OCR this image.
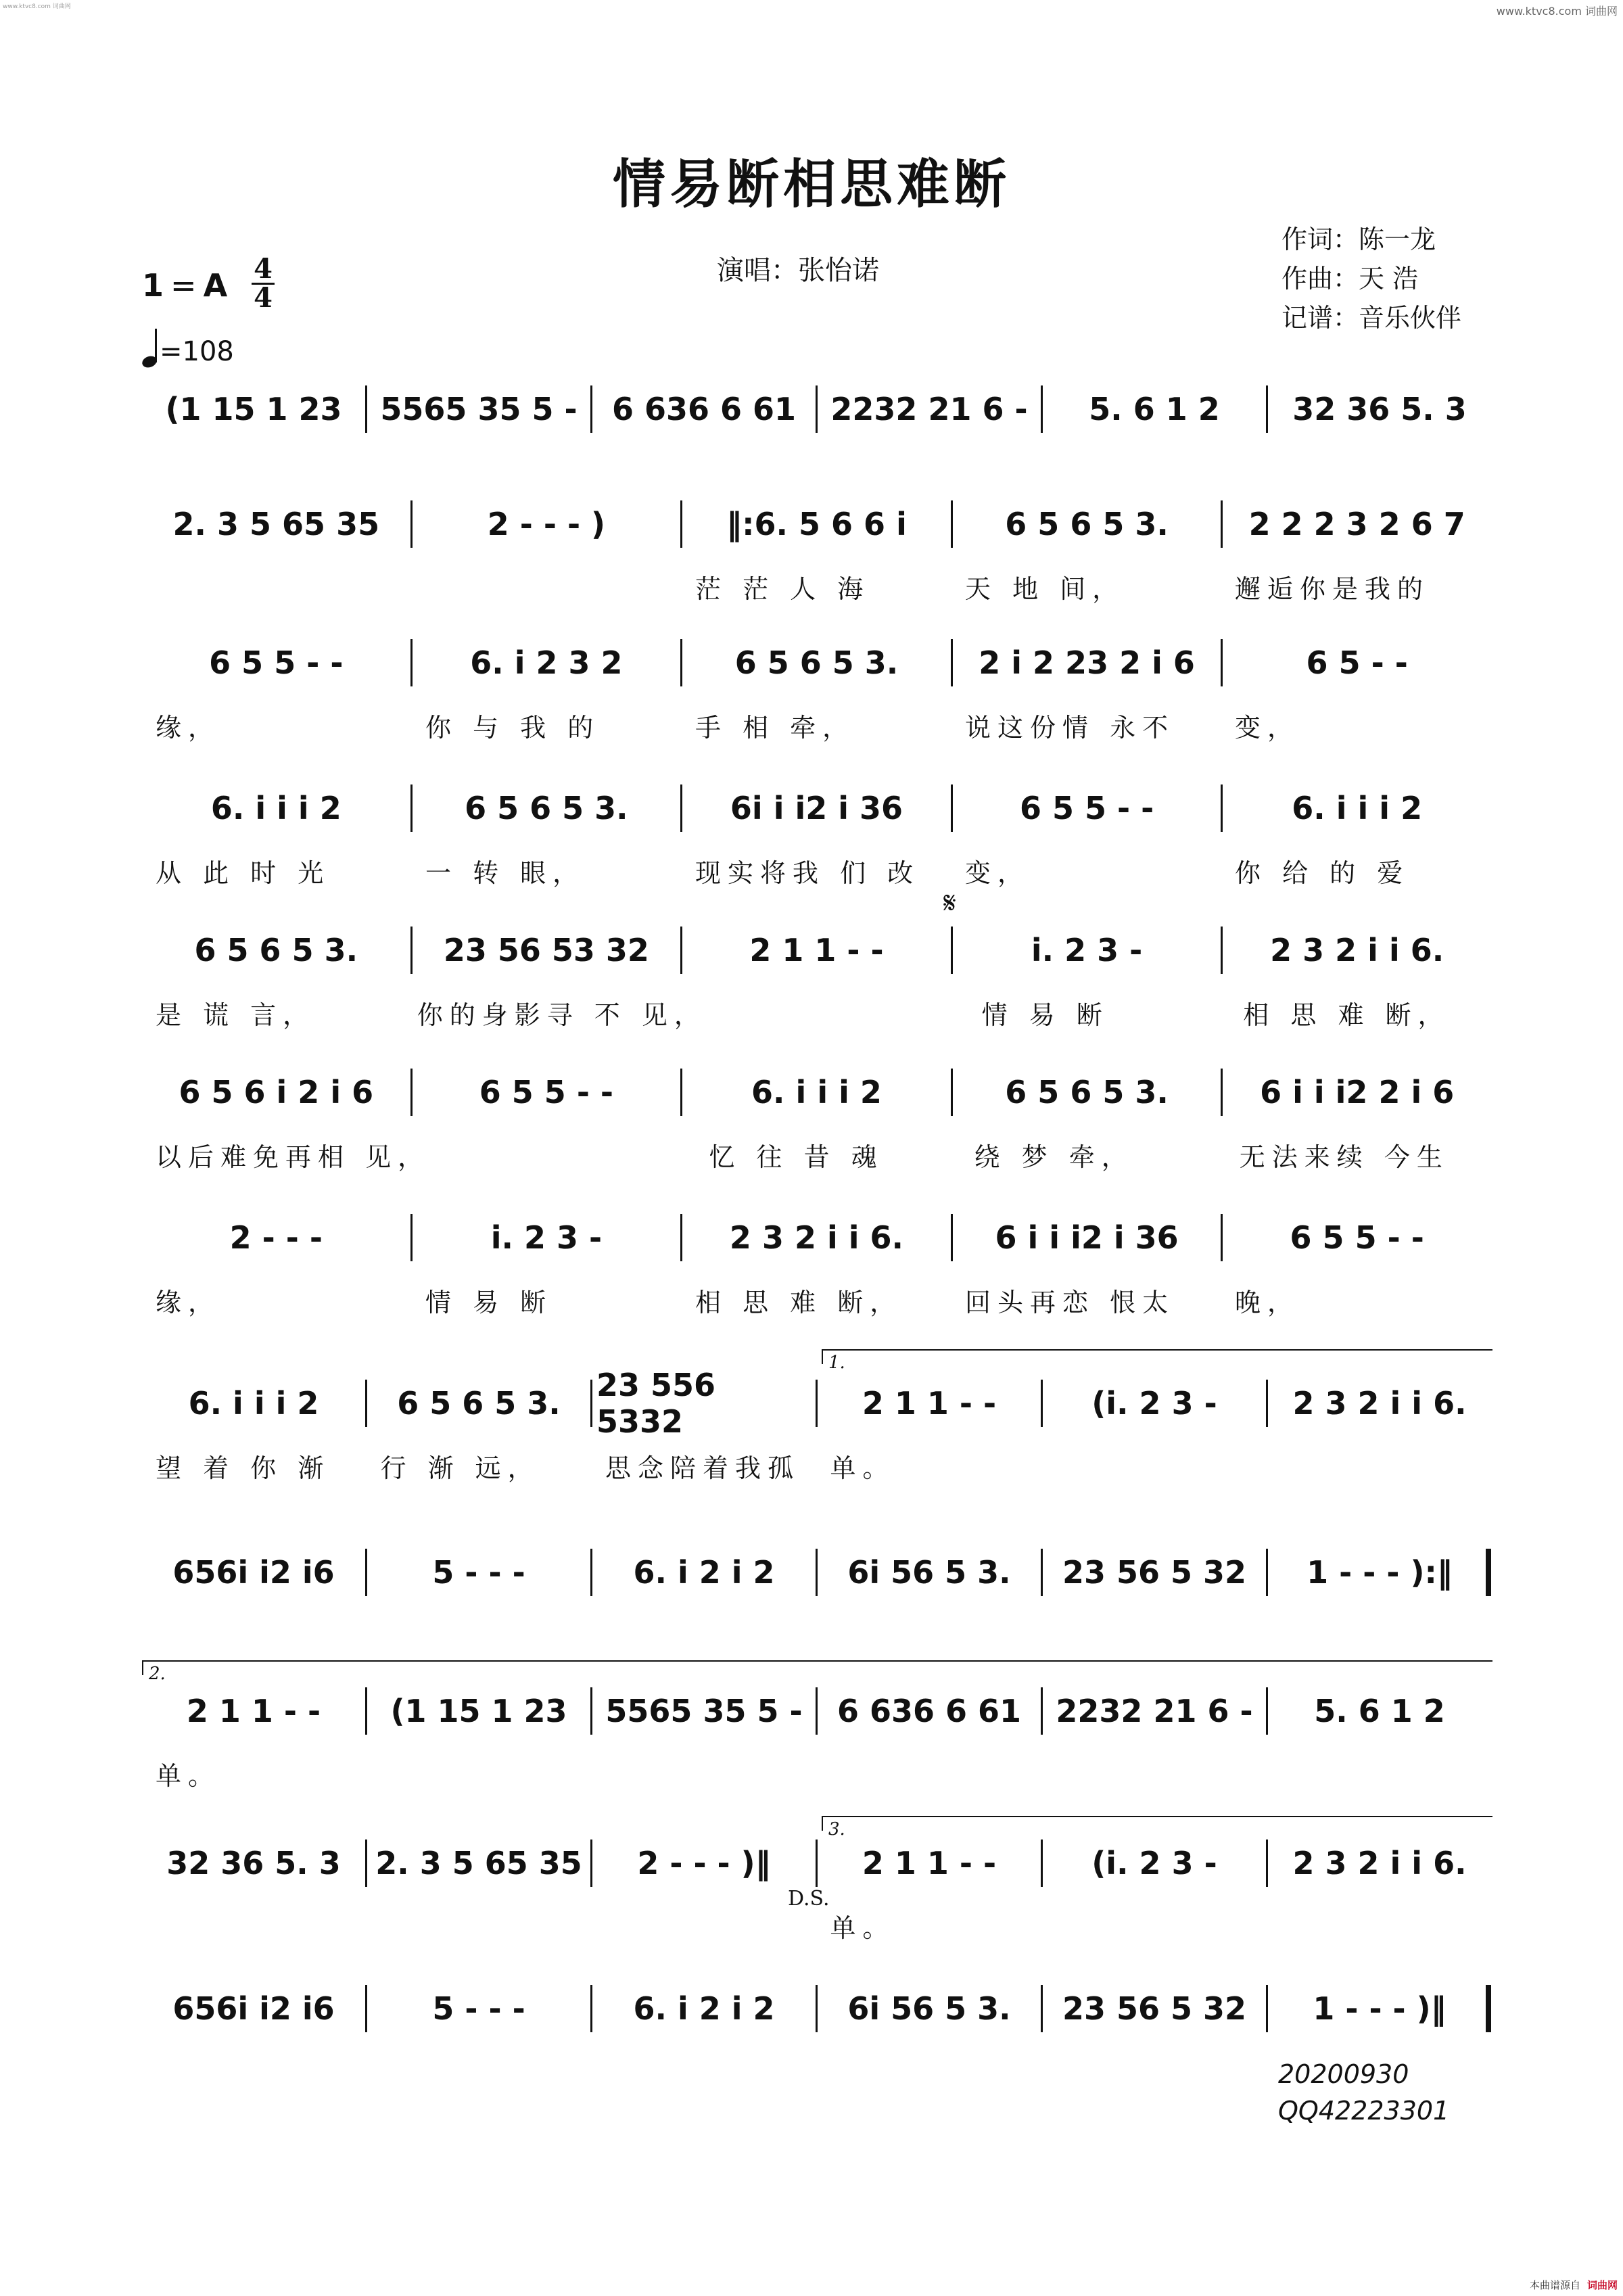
www.ktvc8.com 词曲网	www.ktvc8.com 词曲网
情易断相思难断
演唱：张怡诺
作词：陈一龙
作曲：天 浩
记谱：音乐伙伴
1 = A 4
4
=108
(1 15 1 23	5565 35 5 -	6 636 6 61	2232 21 6 -	5. 6 1 2	32 36 5. 3
2. 3 5 65 35	2 - - - )	‖:6. 5 6 6 i	6 5 6 5 3.	2 2 2 3 2 6 7
茫 茫 人 海	天 地 间，	邂逅你是我的
6 5 5 - -	6. i 2 3 2	6 5 6 5 3.	2 i 2 23 2 i 6	6 5 - -
缘，	你 与 我 的	手 相 牵，	说这份情 永不	变，
6. i i i 2	6 5 6 5 3.	6i i i2 i 36	6 5 5 - -	6. i i i 2
从 此 时 光	一 转 眼，	现实将我 们 改	变，	你 给 的 爱
6 5 6 5 3.	23 56 53 32	2 1 1 - -	i. 2 3 -	2 3 2 i i 6.
是 谎 言，	你的身影寻 不 见，	情 易 断	相 思 难 断，
6 5 6 i 2 i 6	6 5 5 - -	6. i i i 2	6 5 6 5 3.	6 i i i2 2 i 6
以后难免再相 见，	忆 往 昔 魂	绕 梦 牵，	无法来续 今生
2 - - -	i. 2 3 -	2 3 2 i i 6.	6 i i i2 i 36	6 5 5 - -
缘，	情 易 断	相 思 难 断，	回头再恋 恨太	晚，
6. i i i 2	6 5 6 5 3.	23 556 5332	2 1 1 - -	(i. 2 3 -	2 3 2 i i 6.
望 着 你 渐	行 渐 远，	思念陪着我孤	单。
656i i2 i6	5 - - -	6. i 2 i 2	6i 56 5 3.	23 56 5 32	1 - - - ):‖
2 1 1 - -	(1 15 1 23	5565 35 5 -	6 636 6 61	2232 21 6 -	5. 6 1 2
单。
32 36 5. 3	2. 3 5 65 35	2 - - - )‖	2 1 1 - -	(i. 2 3 -	2 3 2 i i 6.
单。
656i i2 i6	5 - - -	6. i 2 i 2	6i 56 5 3.	23 56 5 32	1 - - - )‖
1.
2.
3.
D.S.
𝄋
20200930
QQ42223301
本曲谱源自 词曲网
